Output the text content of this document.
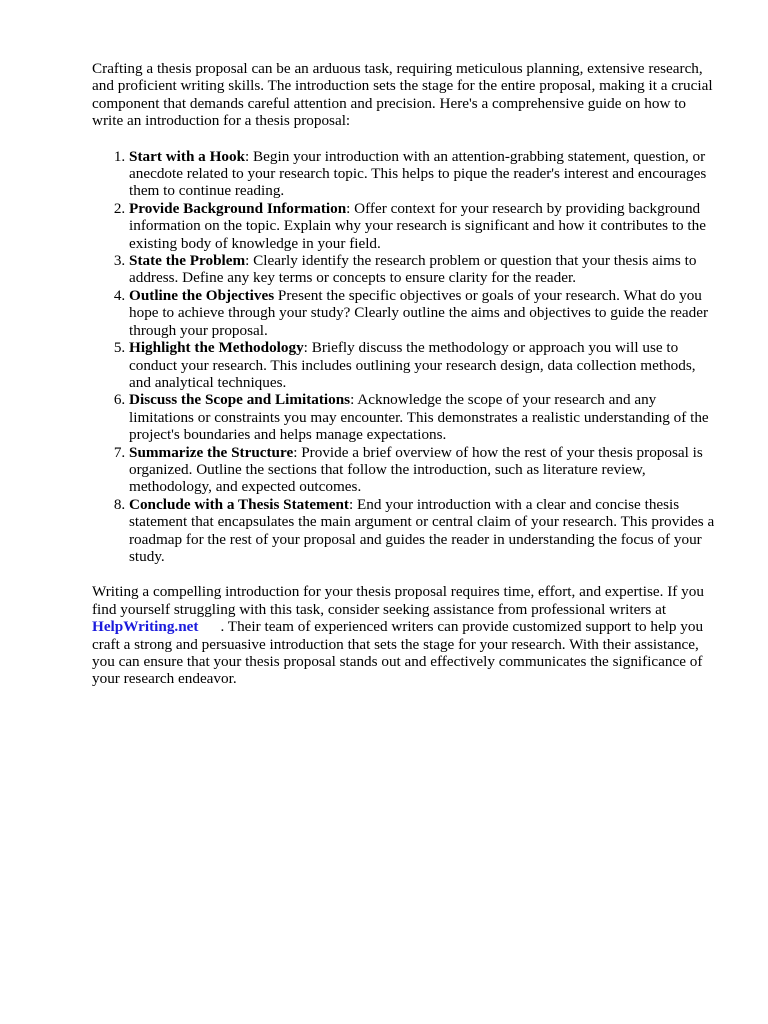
Crafting a thesis proposal can be an arduous task, requiring meticulous planning, extensive research, and proficient writing skills. The introduction sets the stage for the entire proposal, making it a crucial component that demands careful attention and precision. Here's a comprehensive guide on how to write an introduction for a thesis proposal:

1. Start with a Hook: Begin your introduction with an attention-grabbing statement, question, or anecdote related to your research topic. This helps to pique the reader's interest and encourages them to continue reading.
2. Provide Background Information: Offer context for your research by providing background information on the topic. Explain why your research is significant and how it contributes to the existing body of knowledge in your field.
3. State the Problem: Clearly identify the research problem or question that your thesis aims to address. Define any key terms or concepts to ensure clarity for the reader.
4. Outline the Objectives Present the specific objectives or goals of your research. What do you hope to achieve through your study? Clearly outline the aims and objectives to guide the reader through your proposal.
5. Highlight the Methodology: Briefly discuss the methodology or approach you will use to conduct your research. This includes outlining your research design, data collection methods, and analytical techniques.
6. Discuss the Scope and Limitations: Acknowledge the scope of your research and any limitations or constraints you may encounter. This demonstrates a realistic understanding of the project's boundaries and helps manage expectations.
7. Summarize the Structure: Provide a brief overview of how the rest of your thesis proposal is organized. Outline the sections that follow the introduction, such as literature review, methodology, and expected outcomes.
8. Conclude with a Thesis Statement: End your introduction with a clear and concise thesis statement that encapsulates the main argument or central claim of your research. This provides a roadmap for the rest of your proposal and guides the reader in understanding the focus of your study.

Writing a compelling introduction for your thesis proposal requires time, effort, and expertise. If you find yourself struggling with this task, consider seeking assistance from professional writers at HelpWriting.net . Their team of experienced writers can provide customized support to help you craft a strong and persuasive introduction that sets the stage for your research. With their assistance, you can ensure that your thesis proposal stands out and effectively communicates the significance of your research endeavor.
